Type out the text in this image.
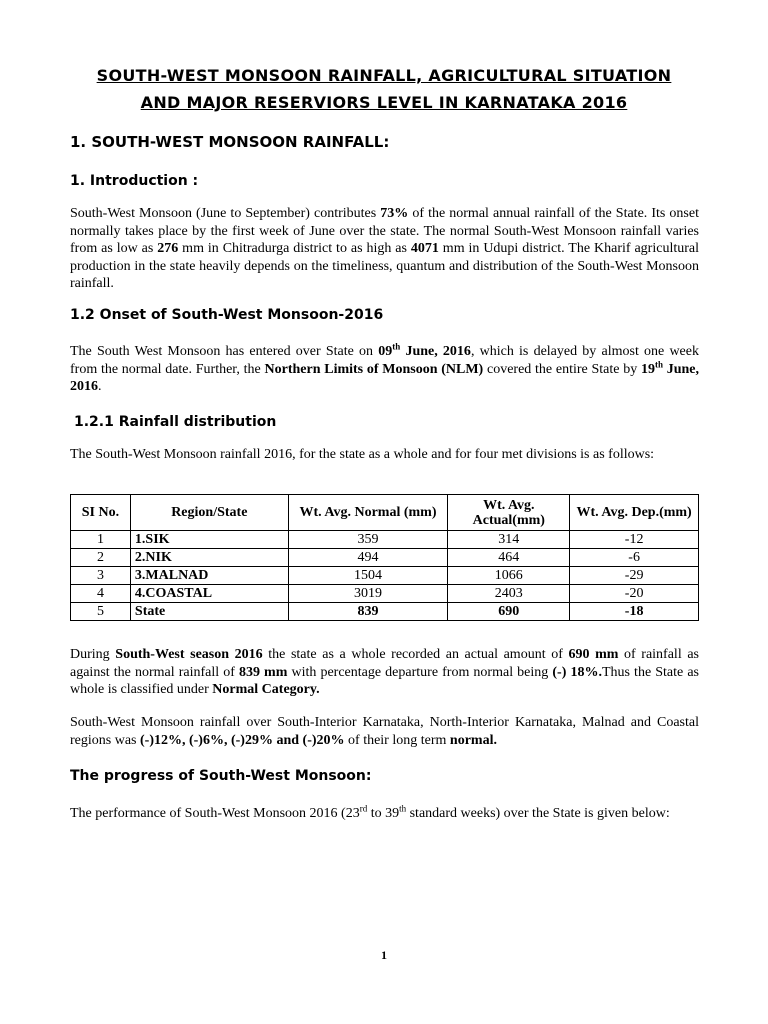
SOUTH-WEST MONSOON RAINFALL, AGRICULTURAL SITUATION
AND MAJOR RESERVIORS LEVEL IN KARNATAKA 2016
1. SOUTH-WEST MONSOON RAINFALL:
1. Introduction :
South-West Monsoon (June to September) contributes 73% of the normal annual rainfall of the State. Its onset normally takes place by the first week of June over the state. The normal South-West Monsoon rainfall varies from as low as 276 mm in Chitradurga district to as high as 4071 mm in Udupi district. The Kharif agricultural production in the state heavily depends on the timeliness, quantum and distribution of the South-West Monsoon rainfall.
1.2 Onset of South-West Monsoon-2016
The South West Monsoon has entered over State on 09th June, 2016, which is delayed by almost one week from the normal date. Further, the Northern Limits of Monsoon (NLM) covered the entire State by 19th June, 2016.
1.2.1 Rainfall distribution
The South-West Monsoon rainfall 2016, for the state as a whole and for four met divisions is as follows:
SI No.	Region/State	Wt. Avg. Normal (mm)	Wt. Avg. Actual(mm)	Wt. Avg. Dep.(mm)
1	1.SIK	359	314	-12
2	2.NIK	494	464	-6
3	3.MALNAD	1504	1066	-29
4	4.COASTAL	3019	2403	-20
5	State	839	690	-18
During South-West season 2016 the state as a whole recorded an actual amount of 690 mm of rainfall as against the normal rainfall of 839 mm with percentage departure from normal being (-) 18%.Thus the State as whole is classified under Normal Category.
South-West Monsoon rainfall over South-Interior Karnataka, North-Interior Karnataka, Malnad and Coastal regions was (-)12%, (-)6%, (-)29% and (-)20% of their long term normal.
The progress of South-West Monsoon:
The performance of South-West Monsoon 2016 (23rd to 39th standard weeks) over the State is given below:
1
